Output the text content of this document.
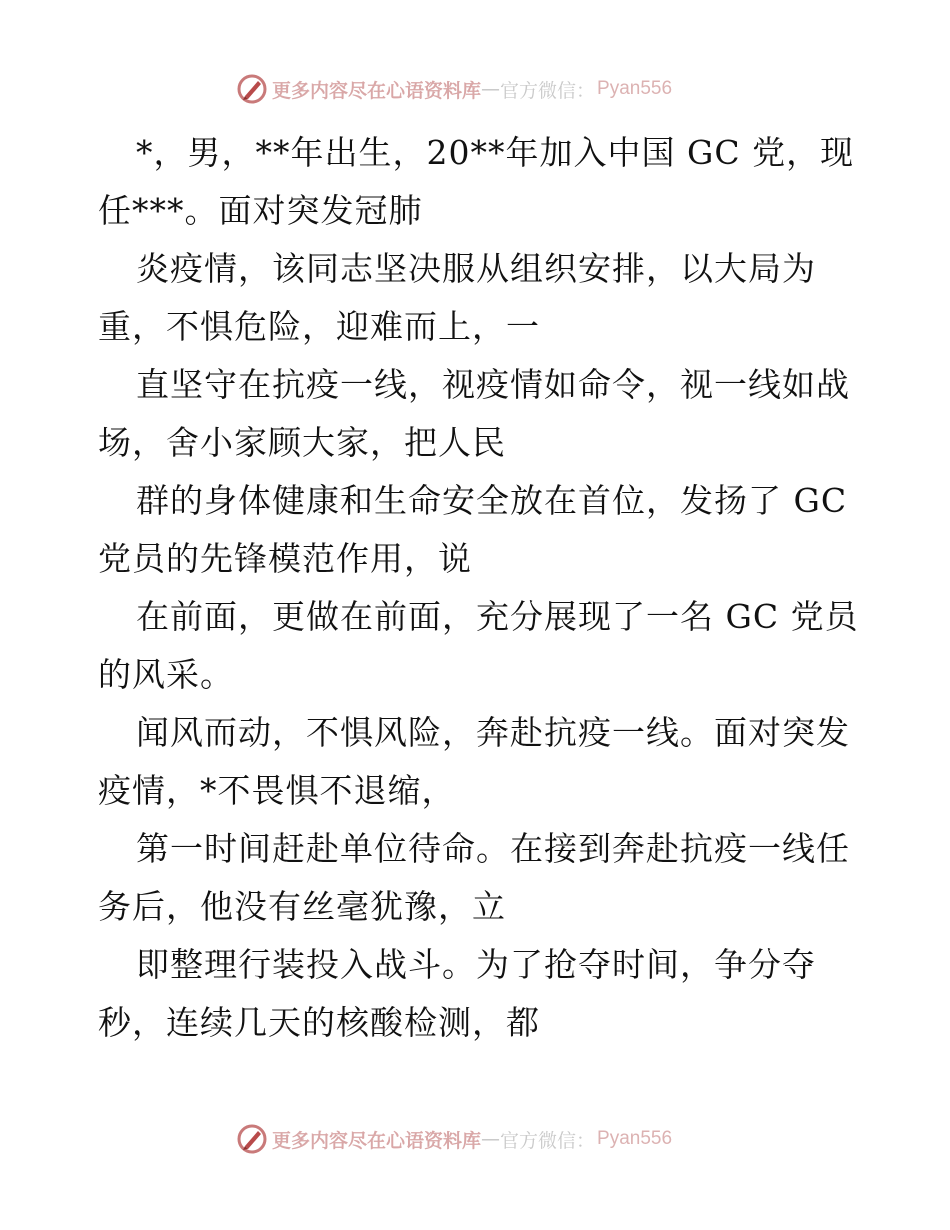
更多内容尽在心语资料库 — 官方微信： Pyan556
*，男，**年出生，20**年加入中国 GC 党，现
任***。面对突发冠肺
炎疫情，该同志坚决服从组织安排，以大局为
重，不惧危险，迎难而上，一
直坚守在抗疫一线，视疫情如命令，视一线如战
场，舍小家顾大家，把人民
群的身体健康和生命安全放在首位，发扬了 GC
党员的先锋模范作用，说
在前面，更做在前面，充分展现了一名 GC 党员
的风采。
闻风而动，不惧风险，奔赴抗疫一线。面对突发
疫情，*不畏惧不退缩，
第一时间赶赴单位待命。在接到奔赴抗疫一线任
务后，他没有丝毫犹豫，立
即整理行装投入战斗。为了抢夺时间，争分夺
秒，连续几天的核酸检测，都
更多内容尽在心语资料库 — 官方微信： Pyan556
